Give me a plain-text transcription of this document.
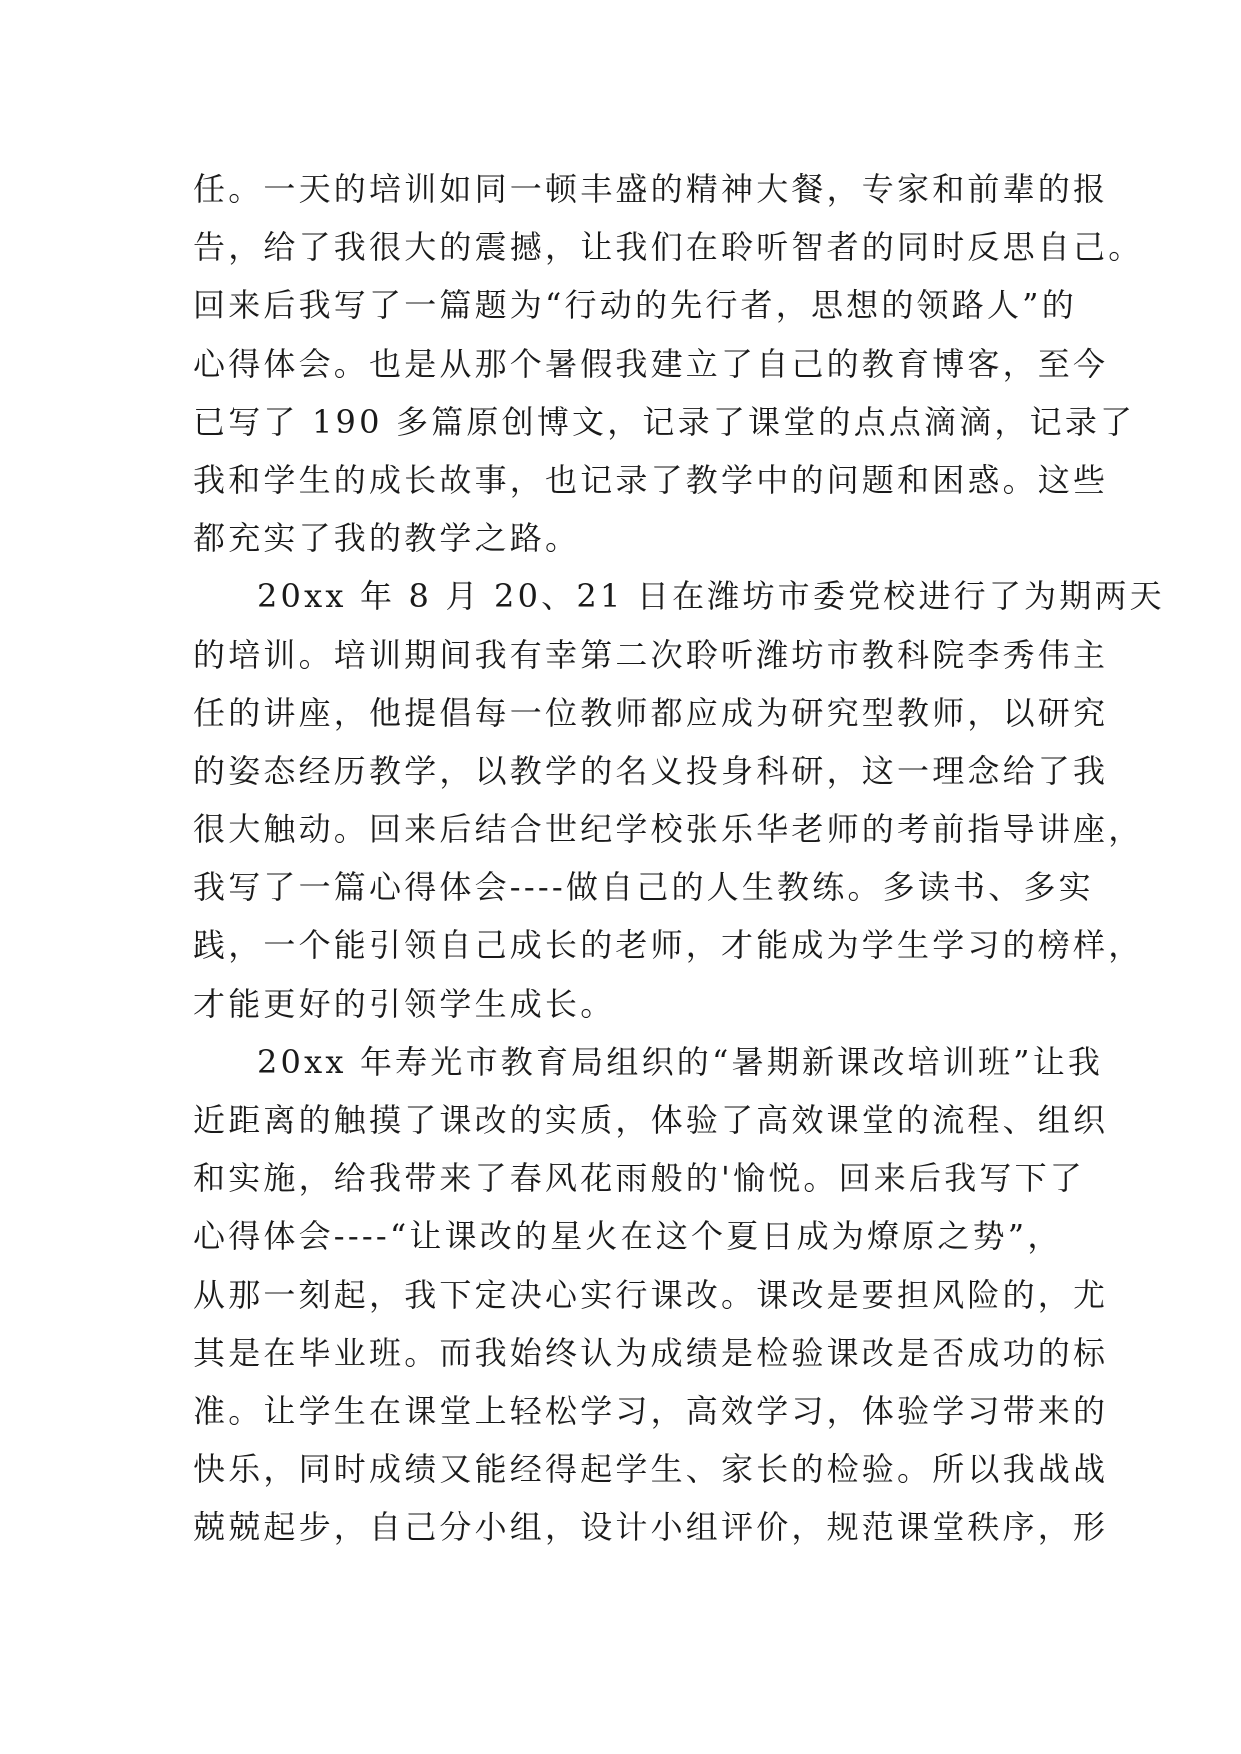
任。一天的培训如同一顿丰盛的精神大餐，专家和前辈的报
告，给了我很大的震撼，让我们在聆听智者的同时反思自己。
回来后我写了一篇题为“行动的先行者，思想的领路人”的
心得体会。也是从那个暑假我建立了自己的教育博客，至今
已写了 190 多篇原创博文，记录了课堂的点点滴滴，记录了
我和学生的成长故事，也记录了教学中的问题和困惑。这些
都充实了我的教学之路。
20xx 年 8 月 20、21 日在潍坊市委党校进行了为期两天
的培训。培训期间我有幸第二次聆听潍坊市教科院李秀伟主
任的讲座，他提倡每一位教师都应成为研究型教师，以研究
的姿态经历教学，以教学的名义投身科研，这一理念给了我
很大触动。回来后结合世纪学校张乐华老师的考前指导讲座，
我写了一篇心得体会----做自己的人生教练。多读书、多实
践，一个能引领自己成长的老师，才能成为学生学习的榜样，
才能更好的引领学生成长。
20xx 年寿光市教育局组织的“暑期新课改培训班”让我
近距离的触摸了课改的实质，体验了高效课堂的流程、组织
和实施，给我带来了春风花雨般的'愉悦。回来后我写下了
心得体会----“让课改的星火在这个夏日成为燎原之势”，
从那一刻起，我下定决心实行课改。课改是要担风险的，尤
其是在毕业班。而我始终认为成绩是检验课改是否成功的标
准。让学生在课堂上轻松学习，高效学习，体验学习带来的
快乐，同时成绩又能经得起学生、家长的检验。所以我战战
兢兢起步，自己分小组，设计小组评价，规范课堂秩序，形
